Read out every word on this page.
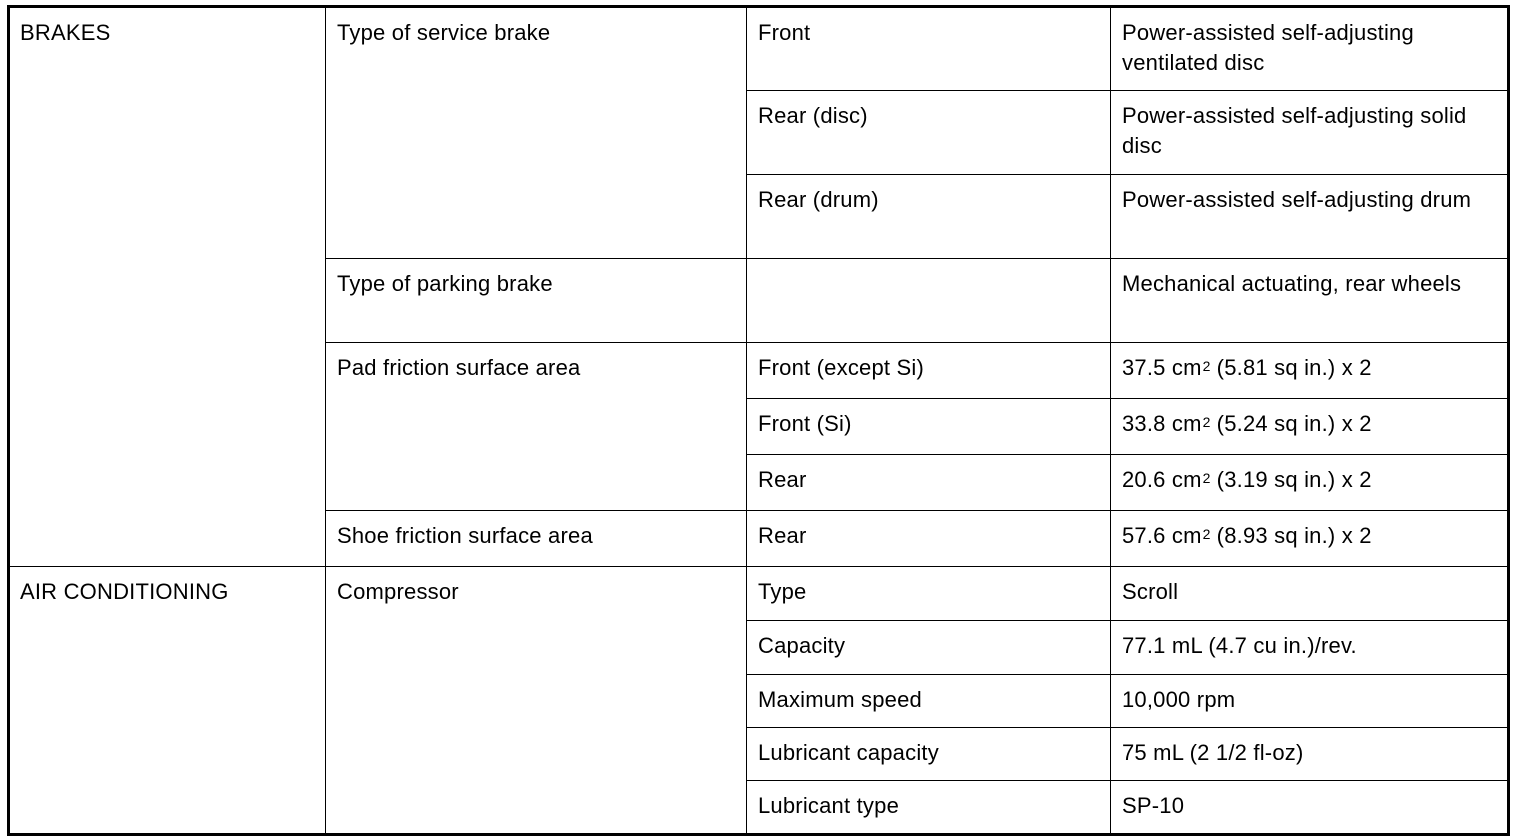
BRAKES	Type of service brake	Front	Power-assisted self-adjusting ventilated disc
		Rear (disc)	Power-assisted self-adjusting solid disc
		Rear (drum)	Power-assisted self-adjusting drum
	Type of parking brake		Mechanical actuating, rear wheels
	Pad friction surface area	Front (except Si)	37.5 $cm^2$ (5.81 sq in.) x 2
		Front (Si)	33.8 $cm^2$ (5.24 sq in.) x 2
		Rear	20.6 $cm^2$ (3.19 sq in.) x 2
	Shoe friction surface area	Rear	57.6 $cm^2$ (8.93 sq in.) x 2
AIR CONDITIONING	Compressor	Type	Scroll
		Capacity	77.1 mL (4.7 cu in.)/rev.
		Maximum speed	10,000 rpm
		Lubricant capacity	75 mL (2 1/2 fl-oz)
		Lubricant type	SP-10
